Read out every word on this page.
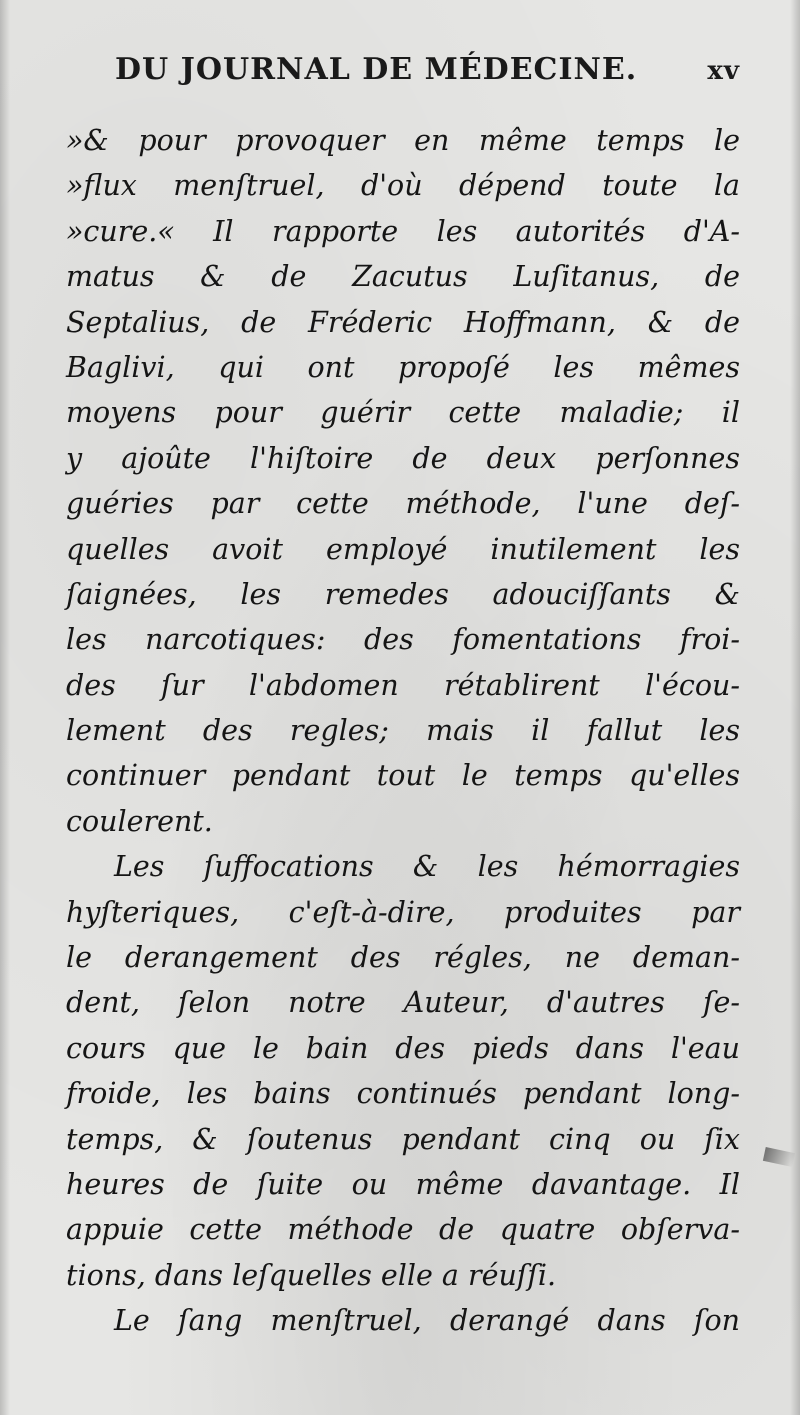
DU JOURNAL DE MÉDECINE.	xv
»& pour provoquer en même temps le
»flux menſtruel, d'où dépend toute la
»cure.« Il rapporte les autorités d'A-
matus & de Zacutus Luſitanus, de
Septalius, de Fréderic Hoffmann, & de
Baglivi, qui ont propoſé les mêmes
moyens pour guérir cette maladie; il
y ajoûte l'hiſtoire de deux perſonnes
guéries par cette méthode, l'une deſ-
quelles avoit employé inutilement les
ſaignées, les remedes adouciſſants &
les narcotiques: des fomentations froi-
des ſur l'abdomen rétablirent l'écou-
lement des regles; mais il fallut les
continuer pendant tout le temps qu'elles
coulerent.
Les ſuffocations & les hémorragies
hyſteriques, c'eſt-à-dire, produites par
le derangement des régles, ne deman-
dent, ſelon notre Auteur, d'autres ſe-
cours que le bain des pieds dans l'eau
froide, les bains continués pendant long-
temps, & ſoutenus pendant cinq ou ſix
heures de ſuite ou même davantage. Il
appuie cette méthode de quatre obſerva-
tions, dans leſquelles elle a réuſſi.
Le ſang menſtruel, derangé dans ſon
